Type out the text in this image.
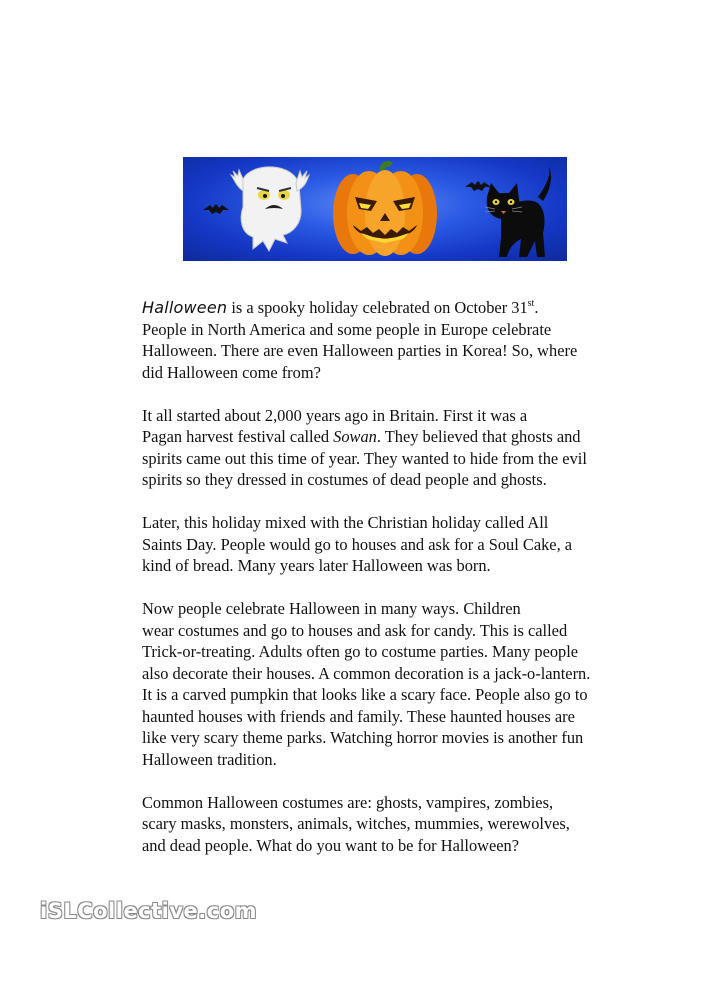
Halloween is a spooky holiday celebrated on October 31st.
People in North America and some people in Europe celebrate
Halloween. There are even Halloween parties in Korea! So, where
did Halloween come from?
It all started about 2,000 years ago in Britain. First it was a
Pagan harvest festival called Sowan. They believed that ghosts and
spirits came out this time of year. They wanted to hide from the evil
spirits so they dressed in costumes of dead people and ghosts.
Later, this holiday mixed with the Christian holiday called All
Saints Day. People would go to houses and ask for a Soul Cake, a
kind of bread. Many years later Halloween was born.
Now people celebrate Halloween in many ways. Children
wear costumes and go to houses and ask for candy. This is called
Trick-or-treating. Adults often go to costume parties. Many people
also decorate their houses. A common decoration is a jack-o-lantern.
It is a carved pumpkin that looks like a scary face. People also go to
haunted houses with friends and family. These haunted houses are
like very scary theme parks. Watching horror movies is another fun
Halloween tradition.
Common Halloween costumes are: ghosts, vampires, zombies,
scary masks, monsters, animals, witches, mummies, werewolves,
and dead people. What do you want to be for Halloween?
iSLCollective.com
